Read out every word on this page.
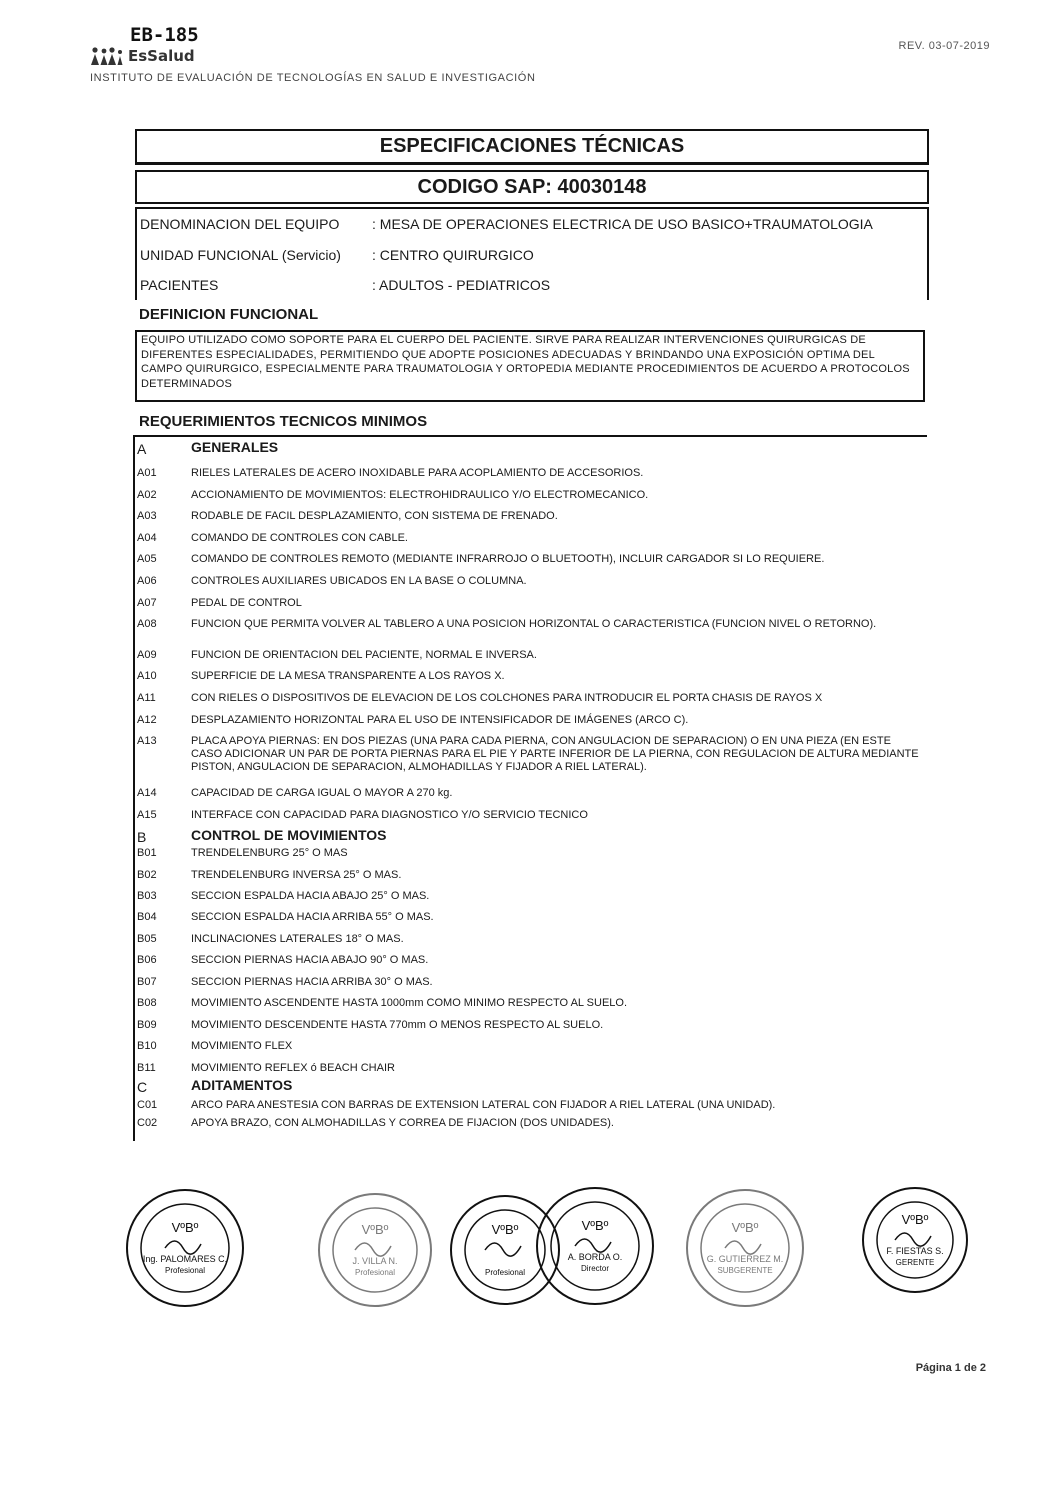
EB-185
EsSalud
INSTITUTO DE EVALUACIÓN DE TECNOLOGÍAS EN SALUD E INVESTIGACIÓN
REV. 03-07-2019
ESPECIFICACIONES TÉCNICAS
CODIGO SAP: 40030148
DENOMINACION DEL EQUIPO : MESA DE OPERACIONES ELECTRICA DE USO BASICO+TRAUMATOLOGIA
UNIDAD FUNCIONAL (Servicio) : CENTRO QUIRURGICO
PACIENTES	: ADULTOS - PEDIATRICOS
DEFINICION FUNCIONAL
EQUIPO UTILIZADO COMO SOPORTE PARA EL CUERPO DEL PACIENTE. SIRVE PARA REALIZAR INTERVENCIONES QUIRURGICAS DE DIFERENTES ESPECIALIDADES, PERMITIENDO QUE ADOPTE POSICIONES ADECUADAS Y BRINDANDO UNA EXPOSICIÓN OPTIMA DEL CAMPO QUIRURGICO, ESPECIALMENTE PARA TRAUMATOLOGIA Y ORTOPEDIA MEDIANTE PROCEDIMIENTOS DE ACUERDO A PROTOCOLOS DETERMINADOS
REQUERIMIENTOS TECNICOS MINIMOS
A	GENERALES
A01	RIELES LATERALES DE ACERO INOXIDABLE PARA ACOPLAMIENTO DE ACCESORIOS.
A02	ACCIONAMIENTO DE MOVIMIENTOS: ELECTROHIDRAULICO Y/O ELECTROMECANICO.
A03	RODABLE DE FACIL DESPLAZAMIENTO, CON SISTEMA DE FRENADO.
A04	COMANDO DE CONTROLES CON CABLE.
A05	COMANDO DE CONTROLES REMOTO (MEDIANTE INFRARROJO O BLUETOOTH), INCLUIR CARGADOR SI LO REQUIERE.
A06	CONTROLES AUXILIARES UBICADOS EN LA BASE O COLUMNA.
A07	PEDAL DE CONTROL
A08	FUNCION QUE PERMITA VOLVER AL TABLERO A UNA POSICION HORIZONTAL O CARACTERISTICA (FUNCION NIVEL O RETORNO).
A09	FUNCION DE ORIENTACION DEL PACIENTE, NORMAL E INVERSA.
A10	SUPERFICIE DE LA MESA TRANSPARENTE A LOS RAYOS X.
A11	CON RIELES O DISPOSITIVOS DE ELEVACION DE LOS COLCHONES PARA INTRODUCIR EL PORTA CHASIS DE RAYOS X
A12	DESPLAZAMIENTO HORIZONTAL PARA EL USO DE INTENSIFICADOR DE IMÁGENES (ARCO C).
A13	PLACA APOYA PIERNAS: EN DOS PIEZAS (UNA PARA CADA PIERNA, CON ANGULACION DE SEPARACION) O EN UNA PIEZA (EN ESTE CASO ADICIONAR UN PAR DE PORTA PIERNAS PARA EL PIE Y PARTE INFERIOR DE LA PIERNA, CON REGULACION DE ALTURA MEDIANTE PISTON, ANGULACION DE SEPARACION, ALMOHADILLAS Y FIJADOR A RIEL LATERAL).
A14	CAPACIDAD DE CARGA IGUAL O MAYOR A 270 kg.
A15	INTERFACE CON CAPACIDAD PARA DIAGNOSTICO Y/O SERVICIO TECNICO
B	CONTROL DE MOVIMIENTOS
B01	TRENDELENBURG 25° O MAS
B02	TRENDELENBURG INVERSA 25° O MAS.
B03	SECCION ESPALDA HACIA ABAJO 25° O MAS.
B04	SECCION ESPALDA HACIA ARRIBA 55° O MAS.
B05	INCLINACIONES LATERALES 18° O MAS.
B06	SECCION PIERNAS HACIA ABAJO 90° O MAS.
B07	SECCION PIERNAS HACIA ARRIBA 30° O MAS.
B08	MOVIMIENTO ASCENDENTE HASTA 1000mm COMO MINIMO RESPECTO AL SUELO.
B09	MOVIMIENTO DESCENDENTE HASTA 770mm O MENOS RESPECTO AL SUELO.
B10	MOVIMIENTO FLEX
B11	MOVIMIENTO REFLEX ó BEACH CHAIR
C	ADITAMENTOS
C01	ARCO PARA ANESTESIA CON BARRAS DE EXTENSION LATERAL CON FIJADOR A RIEL LATERAL (UNA UNIDAD).
C02	APOYA BRAZO, CON ALMOHADILLAS Y CORREA DE FIJACION (DOS UNIDADES).
VºBº
Ing. PALOMARES C.
Profesional
VºBº
J. VILLA N.
Profesional
VºBº
Profesional
VºBº
A. BORDA O.
Director
VºBº
G. GUTIERREZ M.
SUBGERENTE
VºBº
F. FIESTAS S.
GERENTE
Página 1 de 2
